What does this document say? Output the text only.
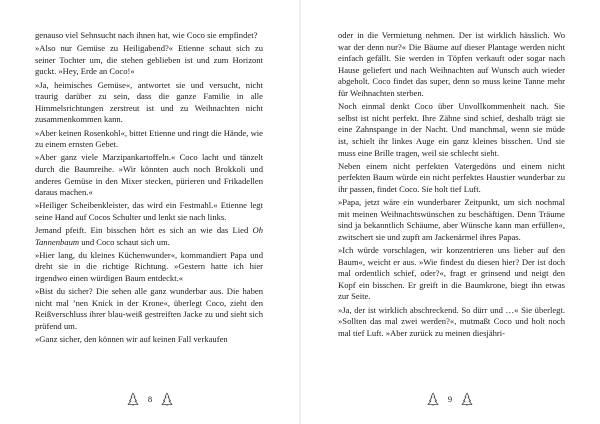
genauso viel Sehnsucht nach ihnen hat, wie Coco sie empfindet?

»Also nur Gemüse zu Heiligabend?« Etienne schaut sich zu seiner Tochter um, die stehen geblieben ist und zum Horizont guckt. »Hey, Erde an Coco!«

»Ja, heimisches Gemüse«, antwortet sie und versucht, nicht traurig darüber zu sein, dass die ganze Familie in alle Himmelsrichtungen zerstreut ist und zu Weihnachten nicht zusammenkommen kann.

»Aber keinen Rosenkohl«, bittet Etienne und ringt die Hände, wie zu einem ernsten Gebet.

»Aber ganz viele Marzipankartoffeln.« Coco lacht und tänzelt durch die Baumreihe. »Wir könnten auch noch Brokkoli und anderes Gemüse in den Mixer stecken, pürieren und Frikadellen daraus machen.«

»Heiliger Scheibenkleister, das wird ein Festmahl.« Etienne legt seine Hand auf Cocos Schulter und lenkt sie nach links.

Jemand pfeift. Ein bisschen hört es sich an wie das Lied Oh Tannenbaum und Coco schaut sich um.

»Hier lang, du kleines Küchenwunder«, kommandiert Papa und dreht sie in die richtige Richtung. »Gestern hatte ich hier irgendwo einen würdigen Baum entdeckt.«

»Bist du sicher? Die sehen alle ganz wunderbar aus. Die haben nicht mal ’nen Knick in der Krone«, überlegt Coco, zieht den Reißverschluss ihrer blau-weiß gestreiften Jacke zu und sieht sich prüfend um.

»Ganz sicher, den können wir auf keinen Fall verkaufen

8

oder in die Vermietung nehmen. Der ist wirklich hässlich. Wo war der denn nur?« Die Bäume auf dieser Plantage werden nicht einfach gefällt. Sie werden in Töpfen verkauft oder sogar nach Hause geliefert und nach Weihnachten auf Wunsch auch wieder abgeholt. Coco findet das super, denn so muss keine Tanne mehr für Weihnachten sterben.

Noch einmal denkt Coco über Unvollkommenheit nach. Sie selbst ist nicht perfekt. Ihre Zähne sind schief, deshalb trägt sie eine Zahnspange in der Nacht. Und manchmal, wenn sie müde ist, schielt ihr linkes Auge ein ganz kleines bisschen. Und sie muss eine Brille tragen, weil sie schlecht sieht.

Neben einem nicht perfekten Vatergedöns und einem nicht perfekten Baum würde ein nicht perfektes Haustier wunderbar zu ihr passen, findet Coco. Sie holt tief Luft.

»Papa, jetzt wäre ein wunderbarer Zeitpunkt, um sich nochmal mit meinen Weihnachtswünschen zu beschäftigen. Denn Träume sind ja bekanntlich Schäume, aber Wünsche kann man erfüllen«, zwitschert sie und zupft am Jackenärmel ihres Papas.

»Ich würde vorschlagen, wir konzentrieren uns lieber auf den Baum«, weicht er aus. »Wie findest du diesen hier? Der ist doch mal ordentlich schief, oder?«, fragt er grinsend und neigt den Kopf ein bisschen. Er greift in die Baumkrone, biegt ihn etwas zur Seite.

»Ja, der ist wirklich abschreckend. So dürr und …« Sie überlegt. »Sollten das mal zwei werden?«, mutmaßt Coco und holt noch mal tief Luft. »Aber zurück zu meinen diesjähri-

9
